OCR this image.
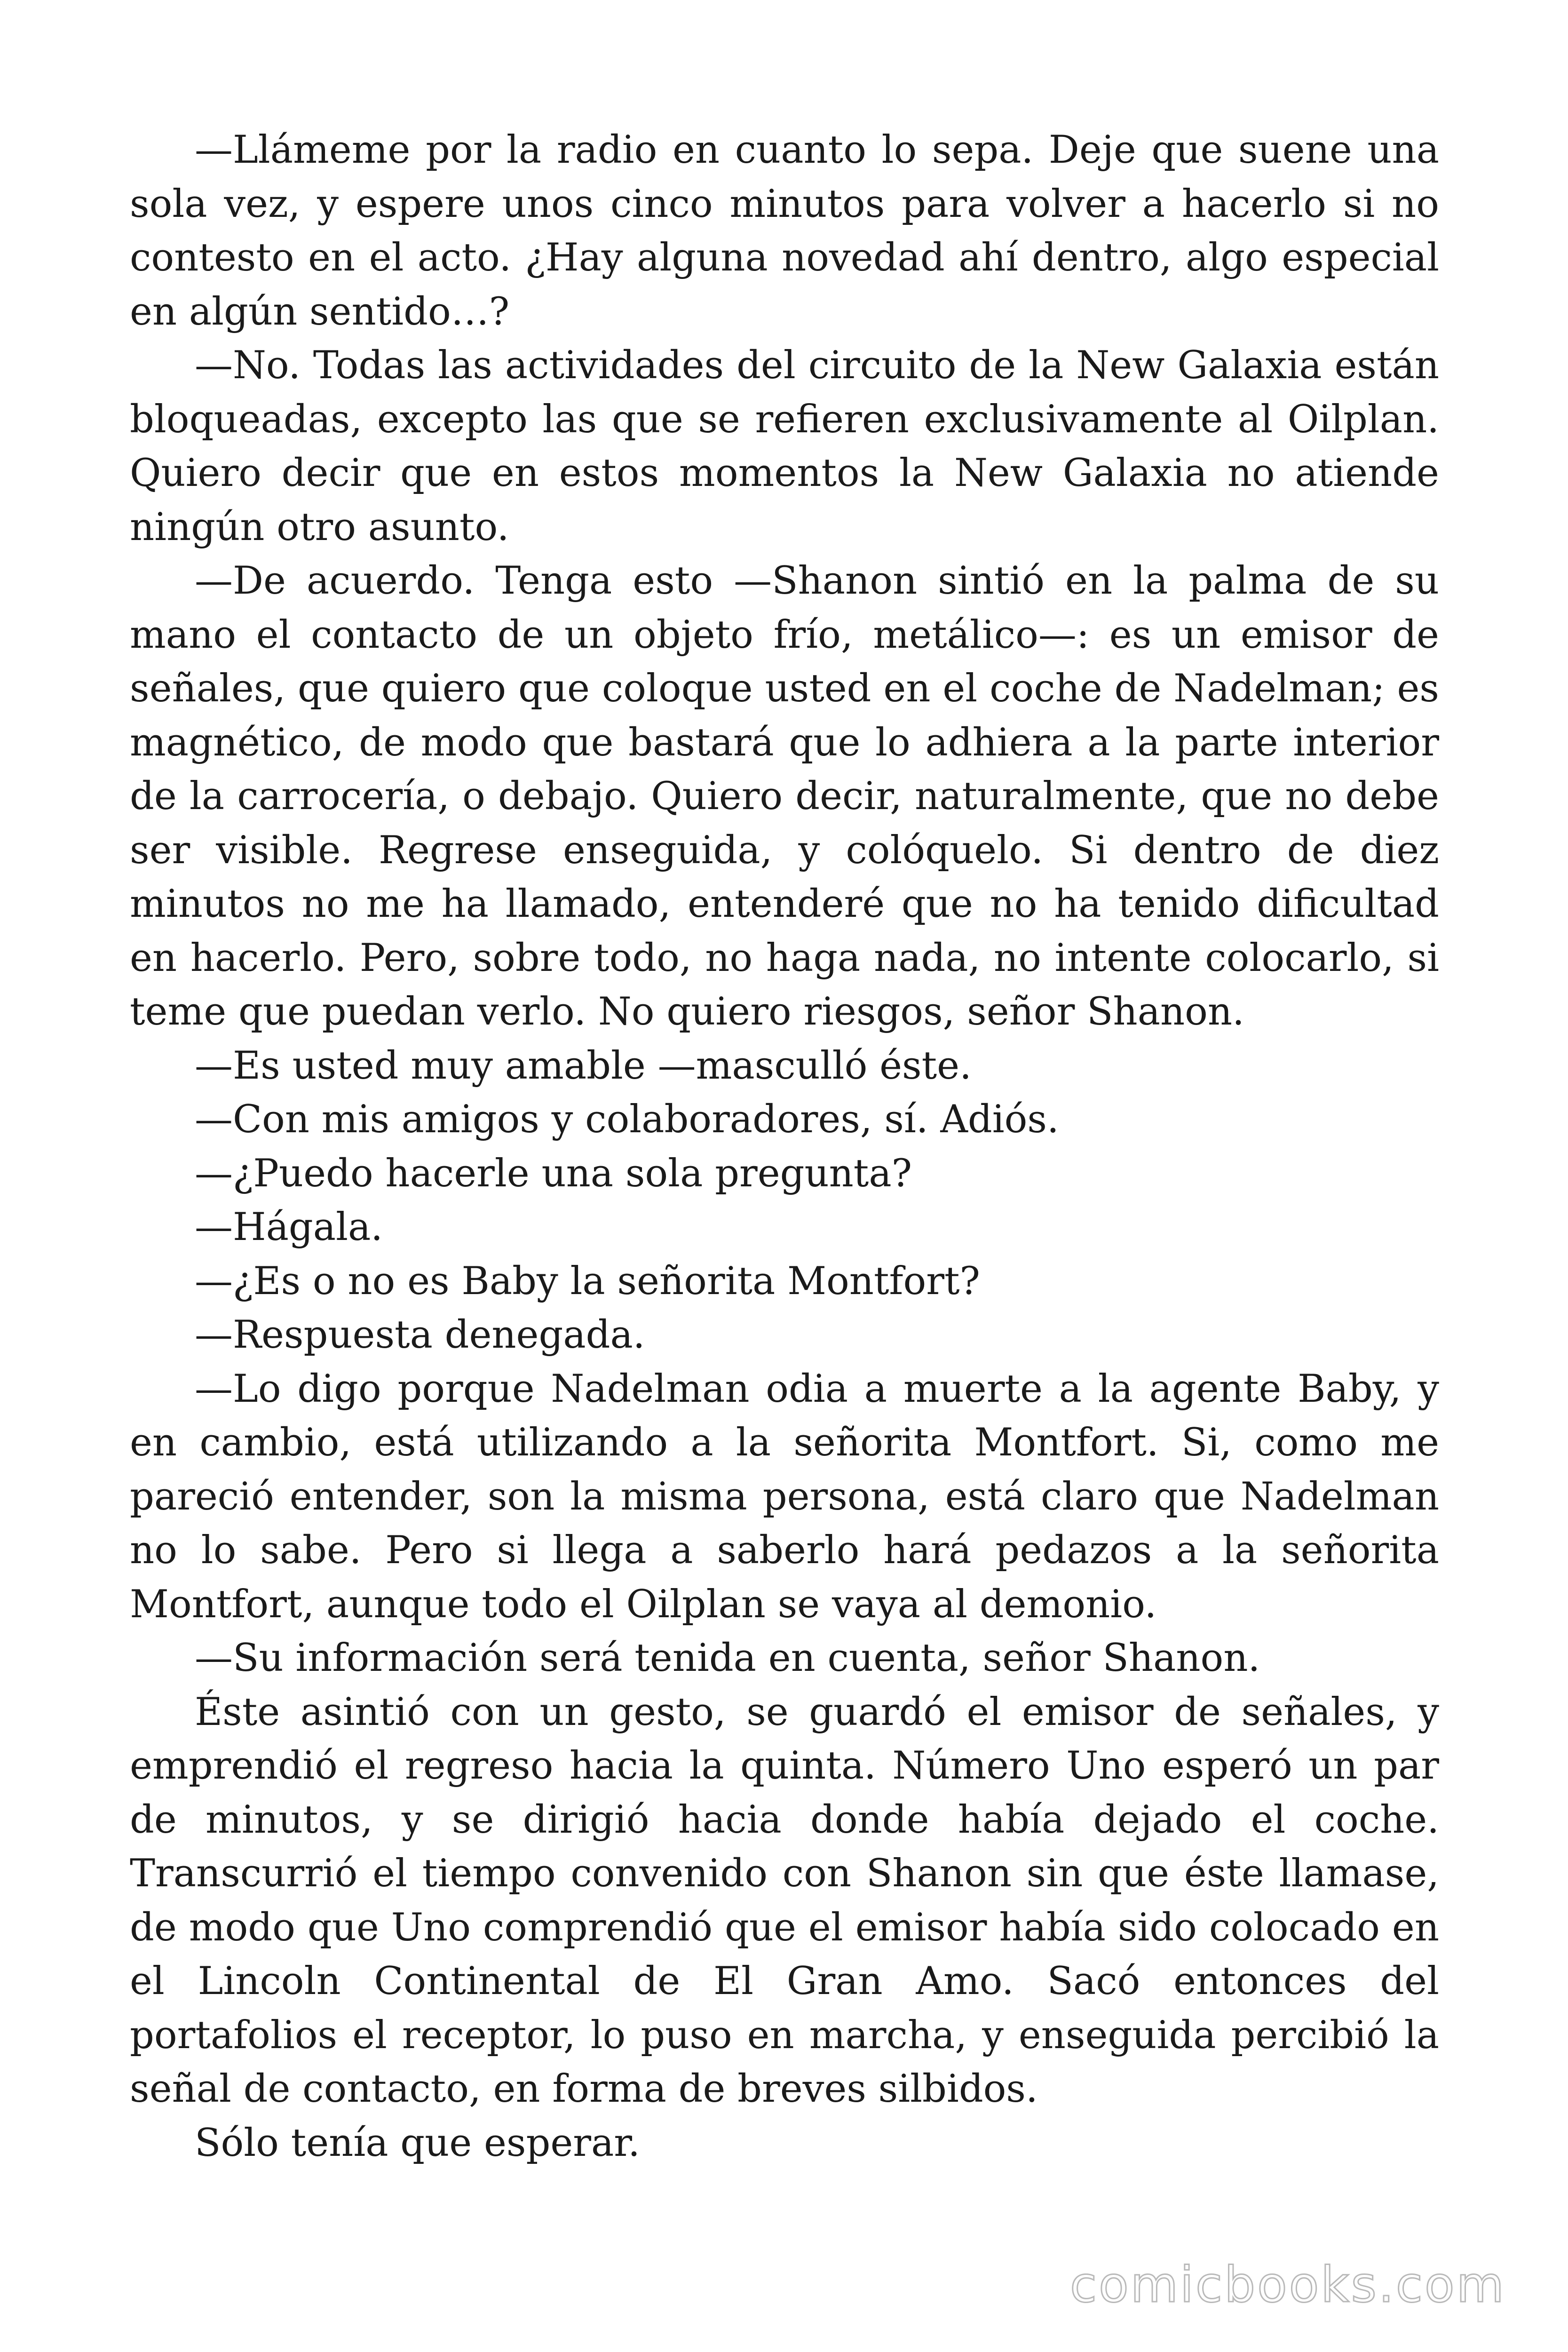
—Llámeme por la radio en cuanto lo sepa. Deje que suene una sola vez, y espere unos cinco minutos para volver a hacerlo si no contesto en el acto. ¿Hay alguna novedad ahí dentro, algo especial en algún sentido…?

—No. Todas las actividades del circuito de la New Galaxia están bloqueadas, excepto las que se refieren exclusivamente al Oilplan. Quiero decir que en estos momentos la New Galaxia no atiende ningún otro asunto.

—De acuerdo. Tenga esto —Shanon sintió en la palma de su mano el contacto de un objeto frío, metálico—: es un emisor de señales, que quiero que coloque usted en el coche de Nadelman; es magnético, de modo que bastará que lo adhiera a la parte interior de la carrocería, o debajo. Quiero decir, naturalmente, que no debe ser visible. Regrese enseguida, y colóquelo. Si dentro de diez minutos no me ha llamado, entenderé que no ha tenido dificultad en hacerlo. Pero, sobre todo, no haga nada, no intente colocarlo, si teme que puedan verlo. No quiero riesgos, señor Shanon.

—Es usted muy amable —masculló éste.

—Con mis amigos y colaboradores, sí. Adiós.

—¿Puedo hacerle una sola pregunta?

—Hágala.

—¿Es o no es Baby la señorita Montfort?

—Respuesta denegada.

—Lo digo porque Nadelman odia a muerte a la agente Baby, y en cambio, está utilizando a la señorita Montfort. Si, como me pareció entender, son la misma persona, está claro que Nadelman no lo sabe. Pero si llega a saberlo hará pedazos a la señorita Montfort, aunque todo el Oilplan se vaya al demonio.

—Su información será tenida en cuenta, señor Shanon.

Éste asintió con un gesto, se guardó el emisor de señales, y emprendió el regreso hacia la quinta. Número Uno esperó un par de minutos, y se dirigió hacia donde había dejado el coche. Transcurrió el tiempo convenido con Shanon sin que éste llamase, de modo que Uno comprendió que el emisor había sido colocado en el Lincoln Continental de El Gran Amo. Sacó entonces del portafolios el receptor, lo puso en marcha, y enseguida percibió la señal de contacto, en forma de breves silbidos.

Sólo tenía que esperar.

comicbooks.com
